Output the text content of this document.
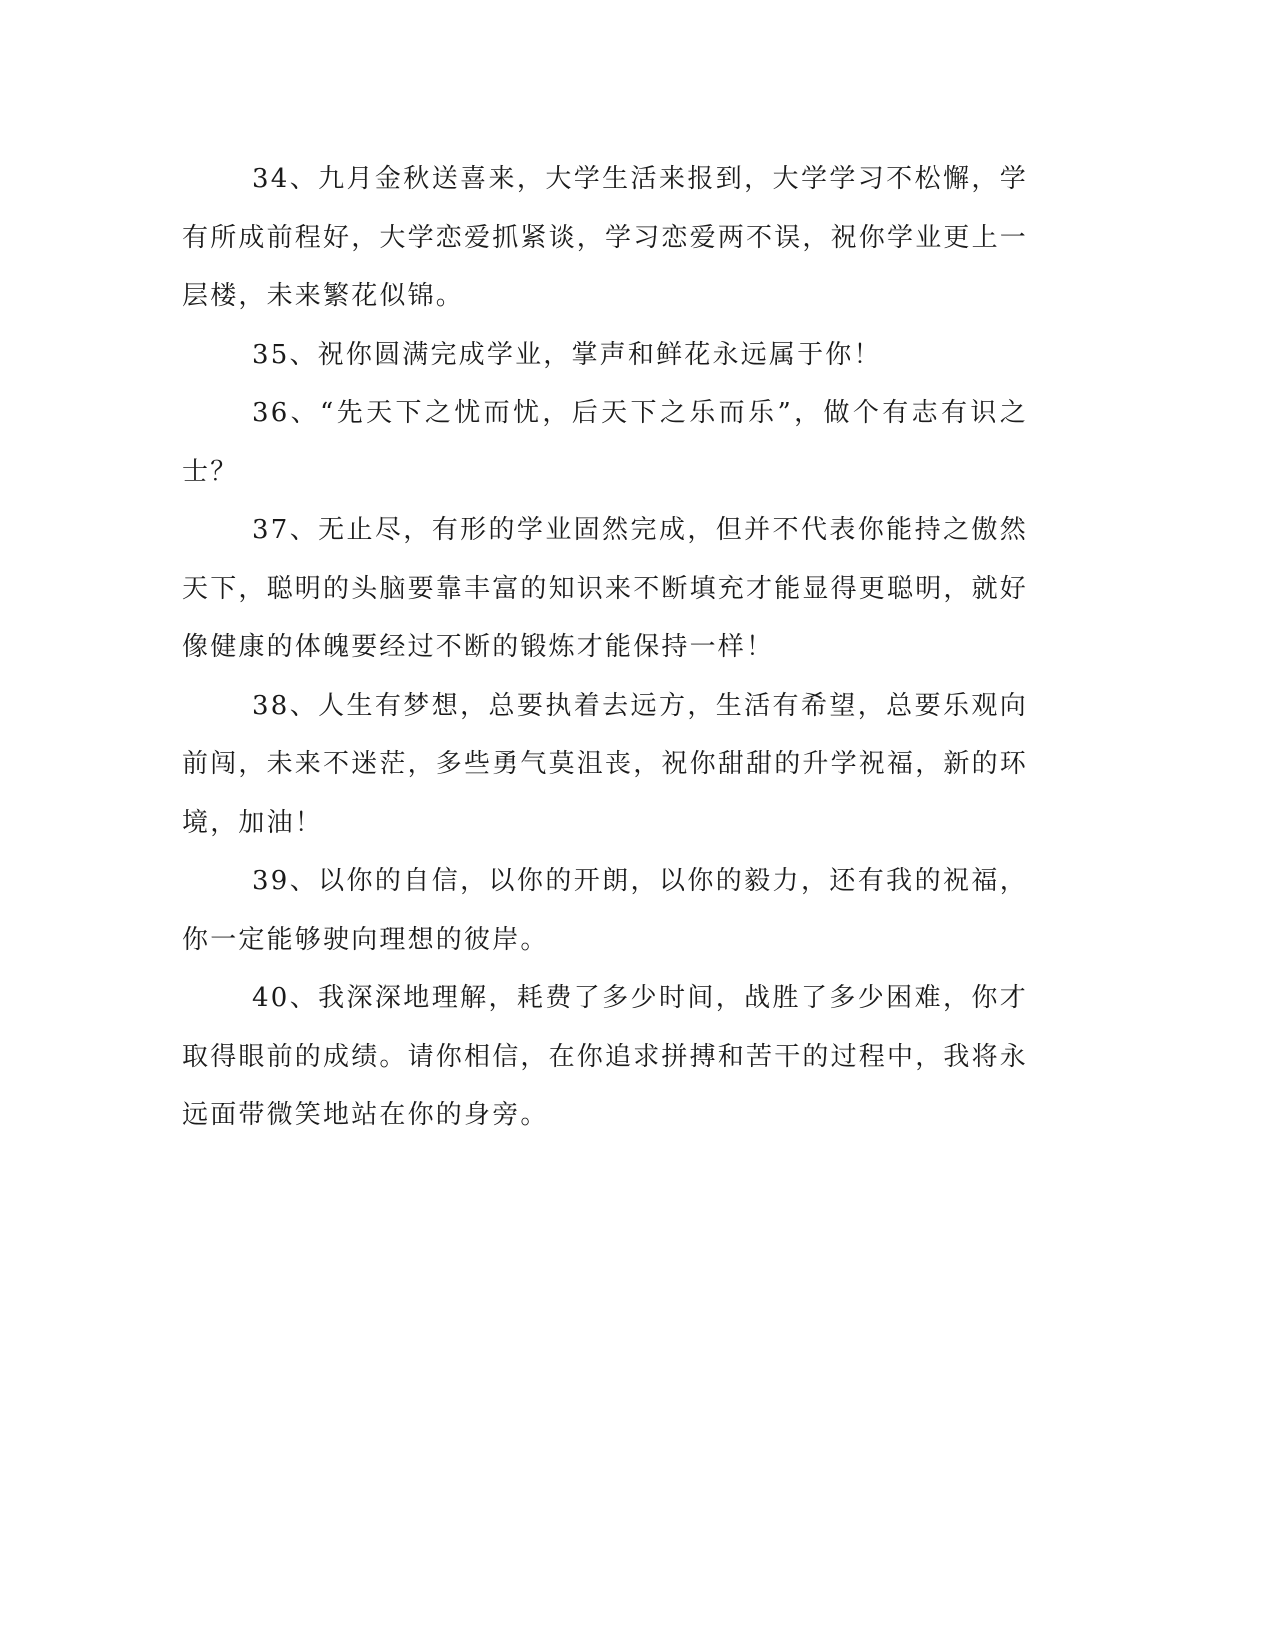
34、九月金秋送喜来，大学生活来报到，大学学习不松懈，学有所成前程好，大学恋爱抓紧谈，学习恋爱两不误，祝你学业更上一层楼，未来繁花似锦。

35、祝你圆满完成学业，掌声和鲜花永远属于你！

36、“先天下之忧而忧，后天下之乐而乐”，做个有志有识之士？

37、无止尽，有形的学业固然完成，但并不代表你能持之傲然天下，聪明的头脑要靠丰富的知识来不断填充才能显得更聪明，就好像健康的体魄要经过不断的锻炼才能保持一样！

38、人生有梦想，总要执着去远方，生活有希望，总要乐观向前闯，未来不迷茫，多些勇气莫沮丧，祝你甜甜的升学祝福，新的环境，加油！

39、以你的自信，以你的开朗，以你的毅力，还有我的祝福，你一定能够驶向理想的彼岸。

40、我深深地理解，耗费了多少时间，战胜了多少困难，你才取得眼前的成绩。请你相信，在你追求拼搏和苦干的过程中，我将永远面带微笑地站在你的身旁。
